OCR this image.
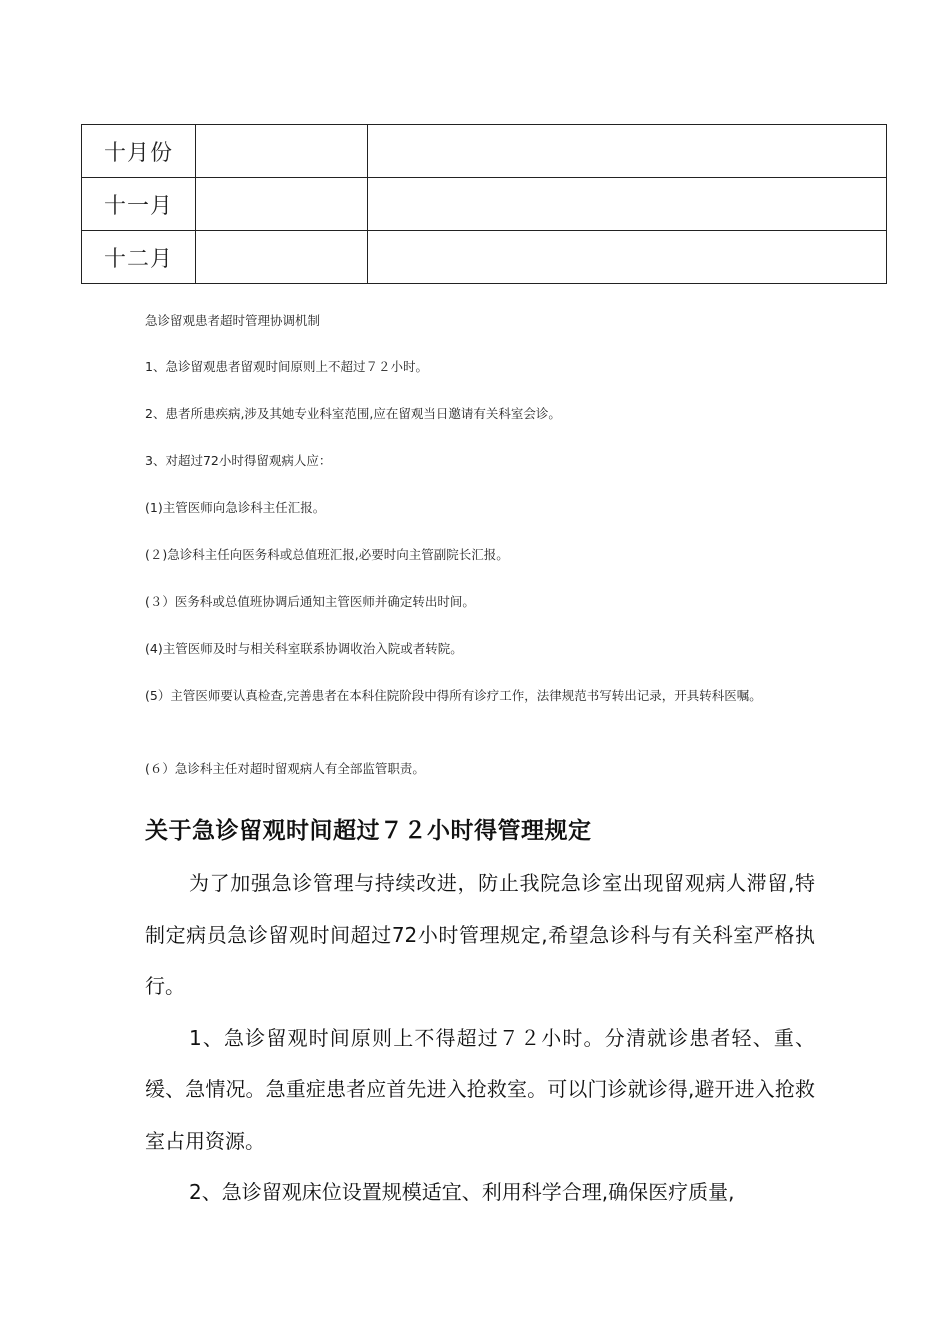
十月份		
十一月		
十二月		

急诊留观患者超时管理协调机制

1、急诊留观患者留观时间原则上不超过７２小时。

2、患者所患疾病,涉及其她专业科室范围,应在留观当日邀请有关科室会诊。

3、对超过72小时得留观病人应：

(1)主管医师向急诊科主任汇报。

(２)急诊科主任向医务科或总值班汇报,必要时向主管副院长汇报。

(３）医务科或总值班协调后通知主管医师并确定转出时间。

(4)主管医师及时与相关科室联系协调收治入院或者转院。

(5）主管医师要认真检查,完善患者在本科住院阶段中得所有诊疗工作，法律规范书写转出记录，开具转科医嘱。

(６）急诊科主任对超时留观病人有全部监管职责。

关于急诊留观时间超过７２小时得管理规定

为了加强急诊管理与持续改进，防止我院急诊室出现留观病人滞留,特制定病员急诊留观时间超过72小时管理规定,希望急诊科与有关科室严格执行。

1、急诊留观时间原则上不得超过７２小时。分清就诊患者轻、重、缓、急情况。急重症患者应首先进入抢救室。可以门诊就诊得,避开进入抢救室占用资源。

2、急诊留观床位设置规模适宜、利用科学合理,确保医疗质量,
